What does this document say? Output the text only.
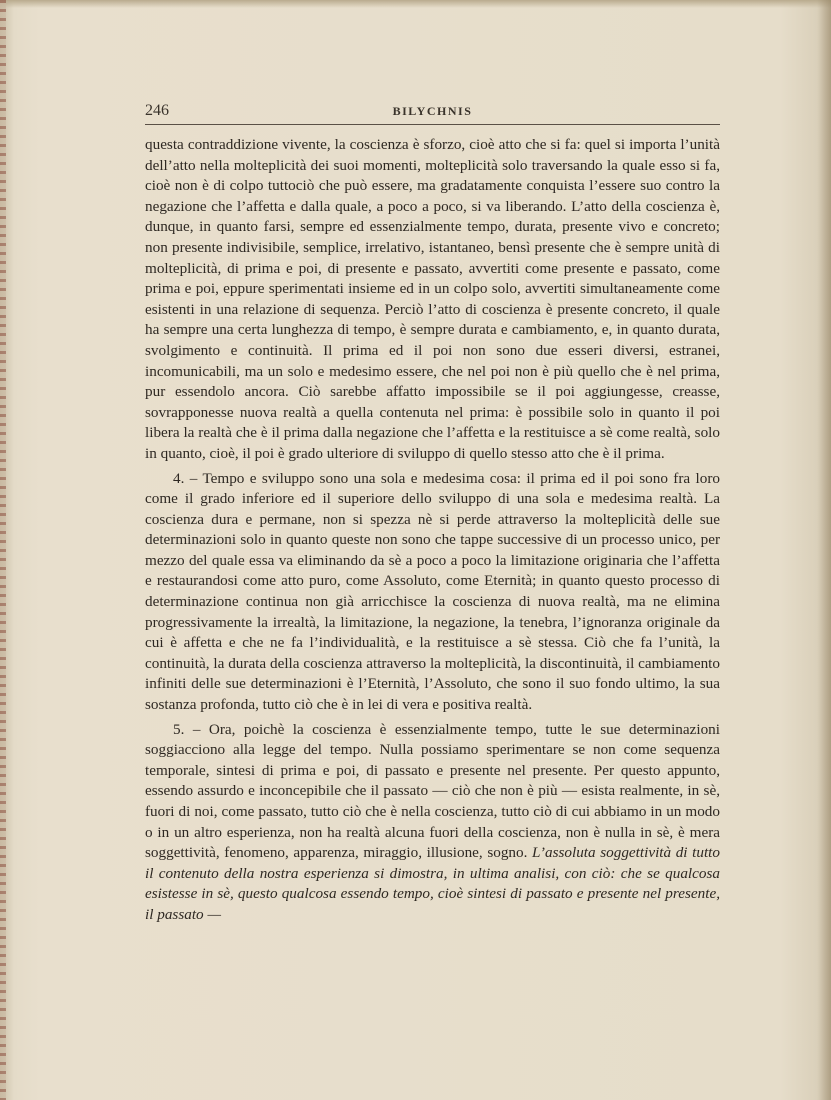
246	BILYCHNIS

questa contraddizione vivente, la coscienza è sforzo, cioè atto che si fa: quel si importa l’unità dell’atto nella molteplicità dei suoi momenti, molteplicità solo traversando la quale esso si fa, cioè non è di colpo tuttociò che può essere, ma gradatamente conquista l’essere suo contro la negazione che l’affetta e dalla quale, a poco a poco, si va liberando. L’atto della coscienza è, dunque, in quanto farsi, sempre ed essenzialmente tempo, durata, presente vivo e concreto; non presente indivisibile, semplice, irrelativo, istantaneo, bensì presente che è sempre unità di molteplicità, di prima e poi, di presente e passato, avvertiti come presente e passato, come prima e poi, eppure sperimentati insieme ed in un colpo solo, avvertiti simultaneamente come esistenti in una relazione di sequenza. Perciò l’atto di coscienza è presente concreto, il quale ha sempre una certa lunghezza di tempo, è sempre durata e cambiamento, e, in quanto durata, svolgimento e continuità. Il prima ed il poi non sono due esseri diversi, estranei, incomunicabili, ma un solo e medesimo essere, che nel poi non è più quello che è nel prima, pur essendolo ancora. Ciò sarebbe affatto impossibile se il poi aggiungesse, creasse, sovrapponesse nuova realtà a quella contenuta nel prima: è possibile solo in quanto il poi libera la realtà che è il prima dalla negazione che l’affetta e la restituisce a sè come realtà, solo in quanto, cioè, il poi è grado ulteriore di sviluppo di quello stesso atto che è il prima.

4. – Tempo e sviluppo sono una sola e medesima cosa: il prima ed il poi sono fra loro come il grado inferiore ed il superiore dello sviluppo di una sola e medesima realtà. La coscienza dura e permane, non si spezza nè si perde attraverso la molteplicità delle sue determinazioni solo in quanto queste non sono che tappe successive di un processo unico, per mezzo del quale essa va eliminando da sè a poco a poco la limitazione originaria che l’affetta e restaurandosi come atto puro, come Assoluto, come Eternità; in quanto questo processo di determinazione continua non già arricchisce la coscienza di nuova realtà, ma ne elimina progressivamente la irrealtà, la limitazione, la negazione, la tenebra, l’ignoranza originale da cui è affetta e che ne fa l’individualità, e la restituisce a sè stessa. Ciò che fa l’unità, la continuità, la durata della coscienza attraverso la molteplicità, la discontinuità, il cambiamento infiniti delle sue determinazioni è l’Eternità, l’Assoluto, che sono il suo fondo ultimo, la sua sostanza profonda, tutto ciò che è in lei di vera e positiva realtà.

5. – Ora, poichè la coscienza è essenzialmente tempo, tutte le sue determinazioni soggiacciono alla legge del tempo. Nulla possiamo sperimentare se non come sequenza temporale, sintesi di prima e poi, di passato e presente nel presente. Per questo appunto, essendo assurdo e inconcepibile che il passato — ciò che non è più — esista realmente, in sè, fuori di noi, come passato, tutto ciò che è nella coscienza, tutto ciò di cui abbiamo in un modo o in un altro esperienza, non ha realtà alcuna fuori della coscienza, non è nulla in sè, è mera soggettività, fenomeno, apparenza, miraggio, illusione, sogno. L’assoluta soggettività di tutto il contenuto della nostra esperienza si dimostra, in ultima analisi, con ciò: che se qualcosa esistesse in sè, questo qualcosa essendo tempo, cioè sintesi di passato e presente nel presente, il passato —
